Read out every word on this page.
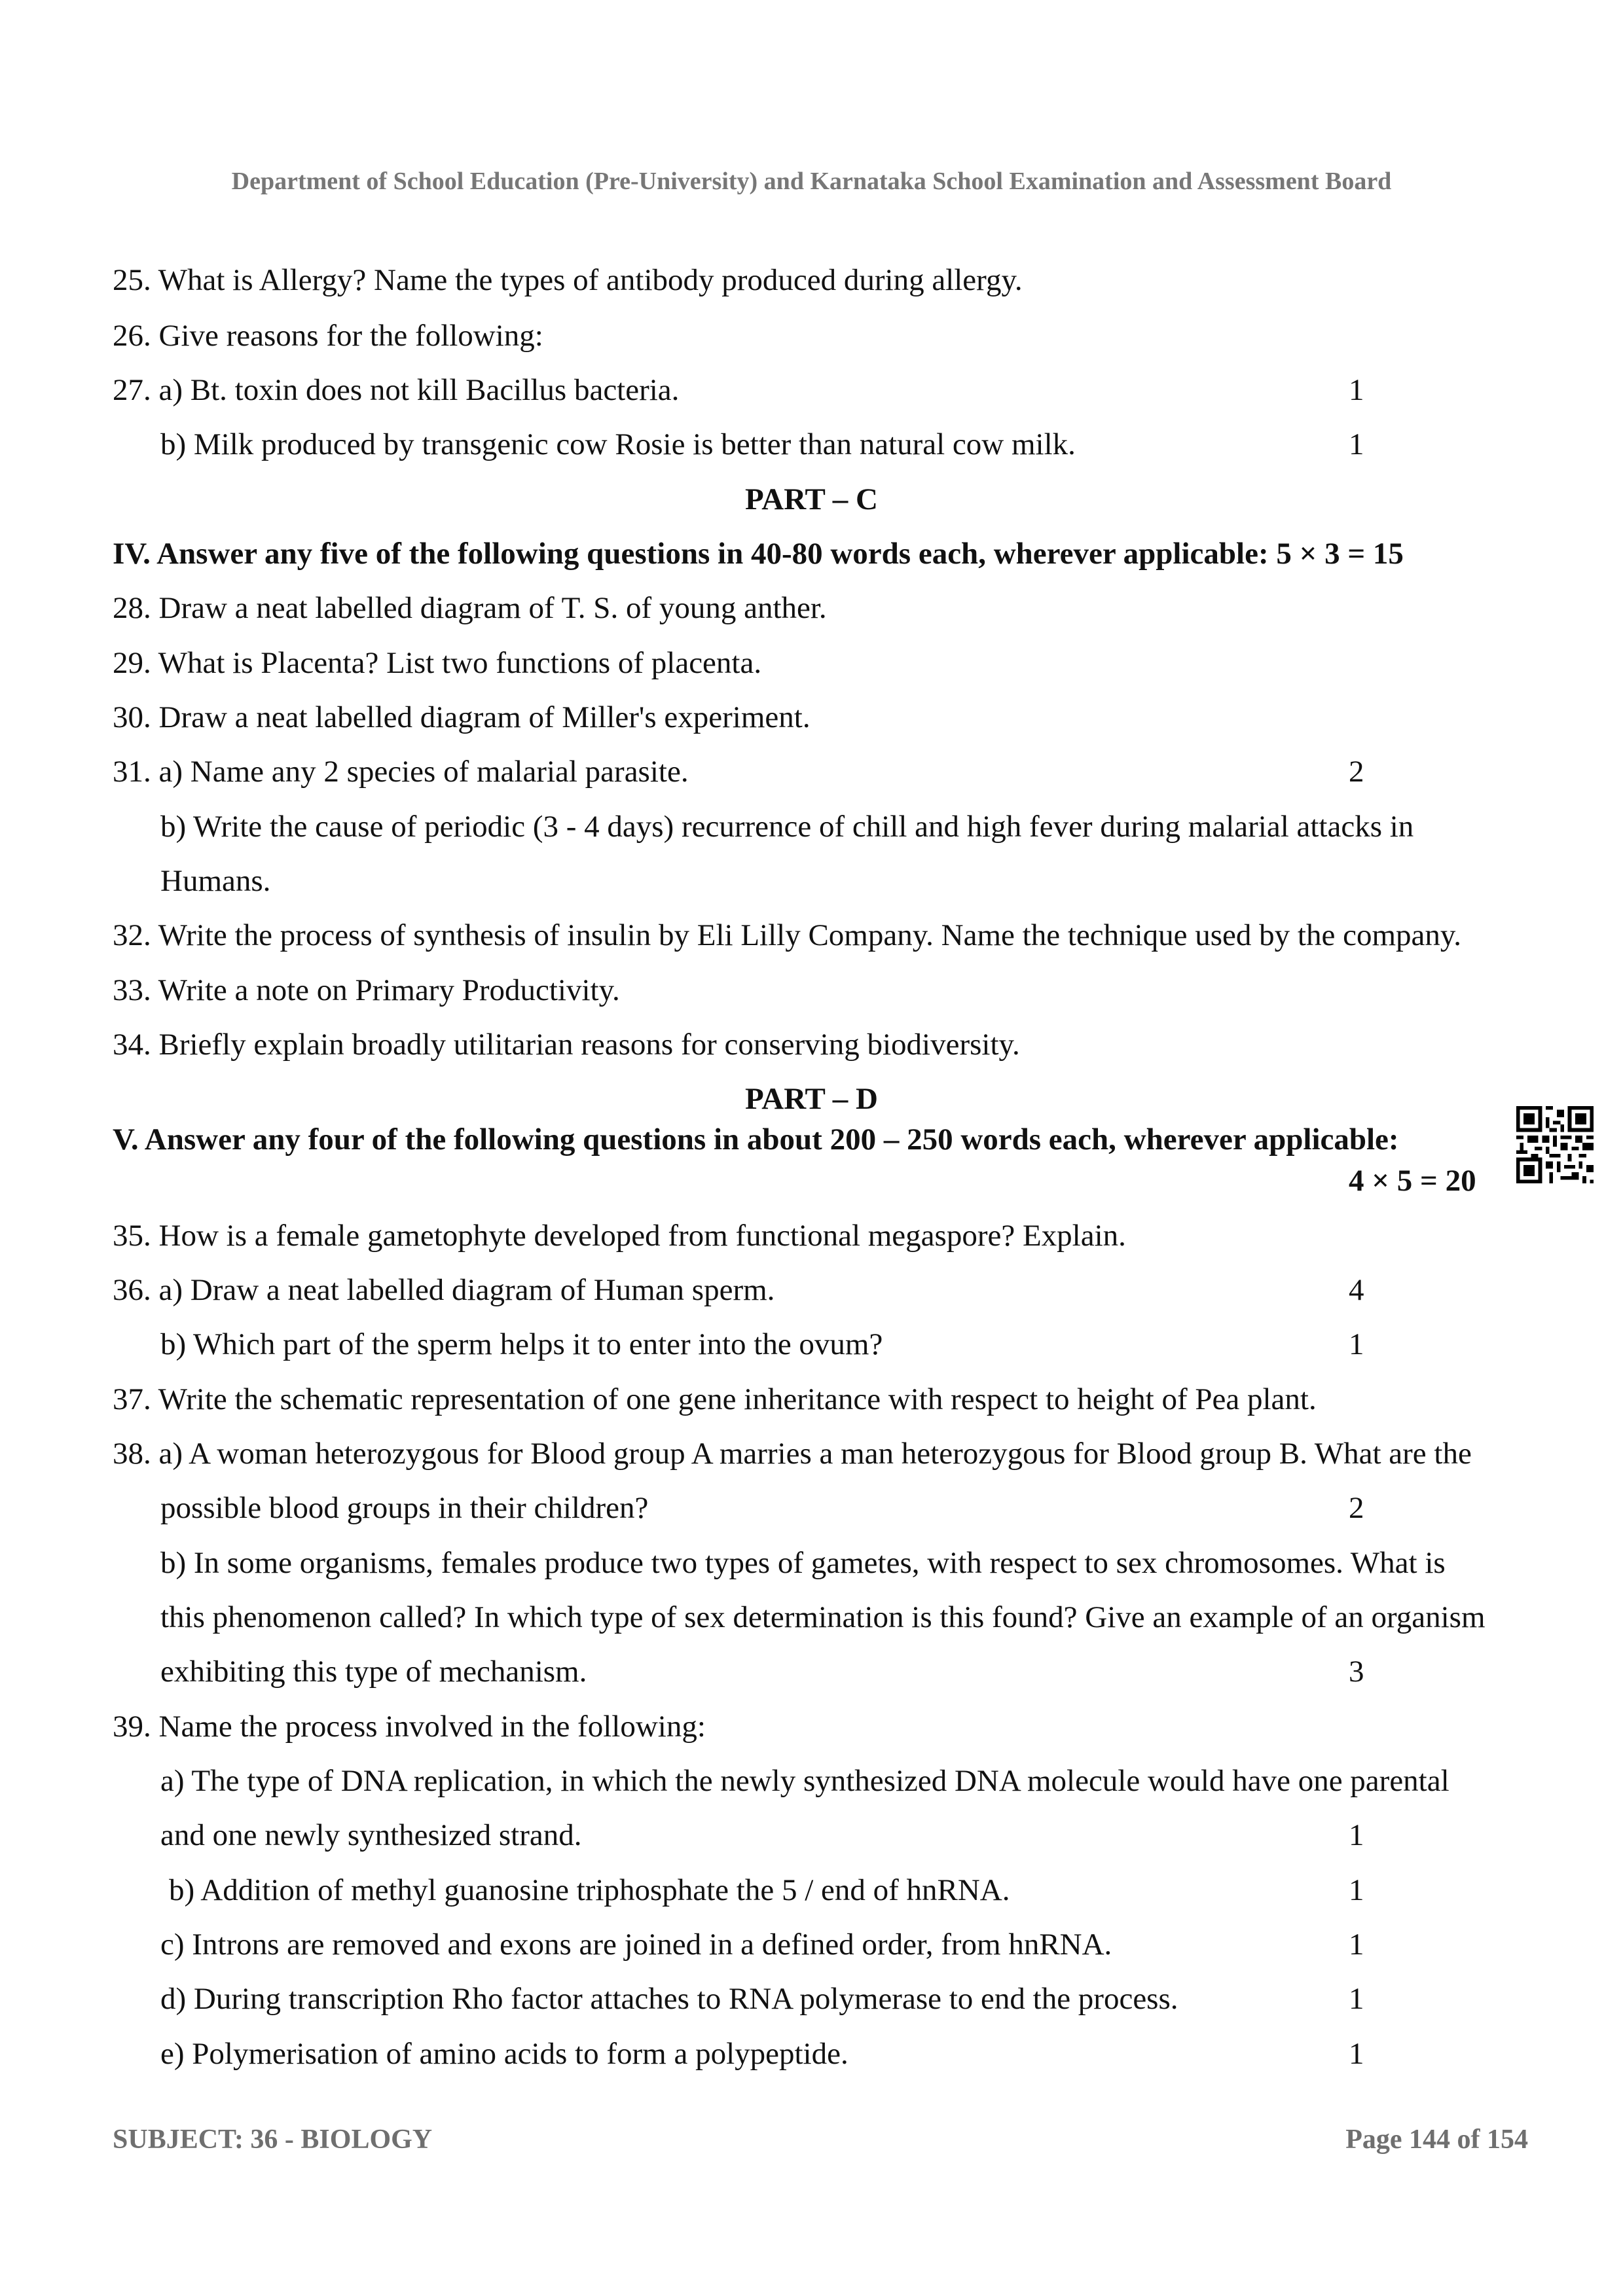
Department of School Education (Pre-University) and Karnataka School Examination and Assessment Board
25. What is Allergy? Name the types of antibody produced during allergy.
26. Give reasons for the following:
27. a) Bt. toxin does not kill Bacillus bacteria.	1
b) Milk produced by transgenic cow Rosie is better than natural cow milk.	1
PART – C
IV. Answer any five of the following questions in 40-80 words each, wherever applicable: 5 × 3 = 15
28. Draw a neat labelled diagram of T. S. of young anther.
29. What is Placenta? List two functions of placenta.
30. Draw a neat labelled diagram of Miller's experiment.
31. a) Name any 2 species of malarial parasite.	2
b) Write the cause of periodic (3 - 4 days) recurrence of chill and high fever during malarial attacks in
Humans.
32. Write the process of synthesis of insulin by Eli Lilly Company. Name the technique used by the company.
33. Write a note on Primary Productivity.
34. Briefly explain broadly utilitarian reasons for conserving biodiversity.
PART – D
V. Answer any four of the following questions in about 200 – 250 words each, wherever applicable:
4 × 5 = 20
35. How is a female gametophyte developed from functional megaspore? Explain.
36. a) Draw a neat labelled diagram of Human sperm.	4
b) Which part of the sperm helps it to enter into the ovum?	1
37. Write the schematic representation of one gene inheritance with respect to height of Pea plant.
38. a) A woman heterozygous for Blood group A marries a man heterozygous for Blood group B. What are the
possible blood groups in their children?	2
b) In some organisms, females produce two types of gametes, with respect to sex chromosomes. What is
this phenomenon called? In which type of sex determination is this found? Give an example of an organism
exhibiting this type of mechanism.	3
39. Name the process involved in the following:
a) The type of DNA replication, in which the newly synthesized DNA molecule would have one parental
and one newly synthesized strand.	1
b) Addition of methyl guanosine triphosphate the 5 / end of hnRNA.	1
c) Introns are removed and exons are joined in a defined order, from hnRNA.	1
d) During transcription Rho factor attaches to RNA polymerase to end the process.	1
e) Polymerisation of amino acids to form a polypeptide.	1
SUBJECT: 36 - BIOLOGY	Page 144 of 154
